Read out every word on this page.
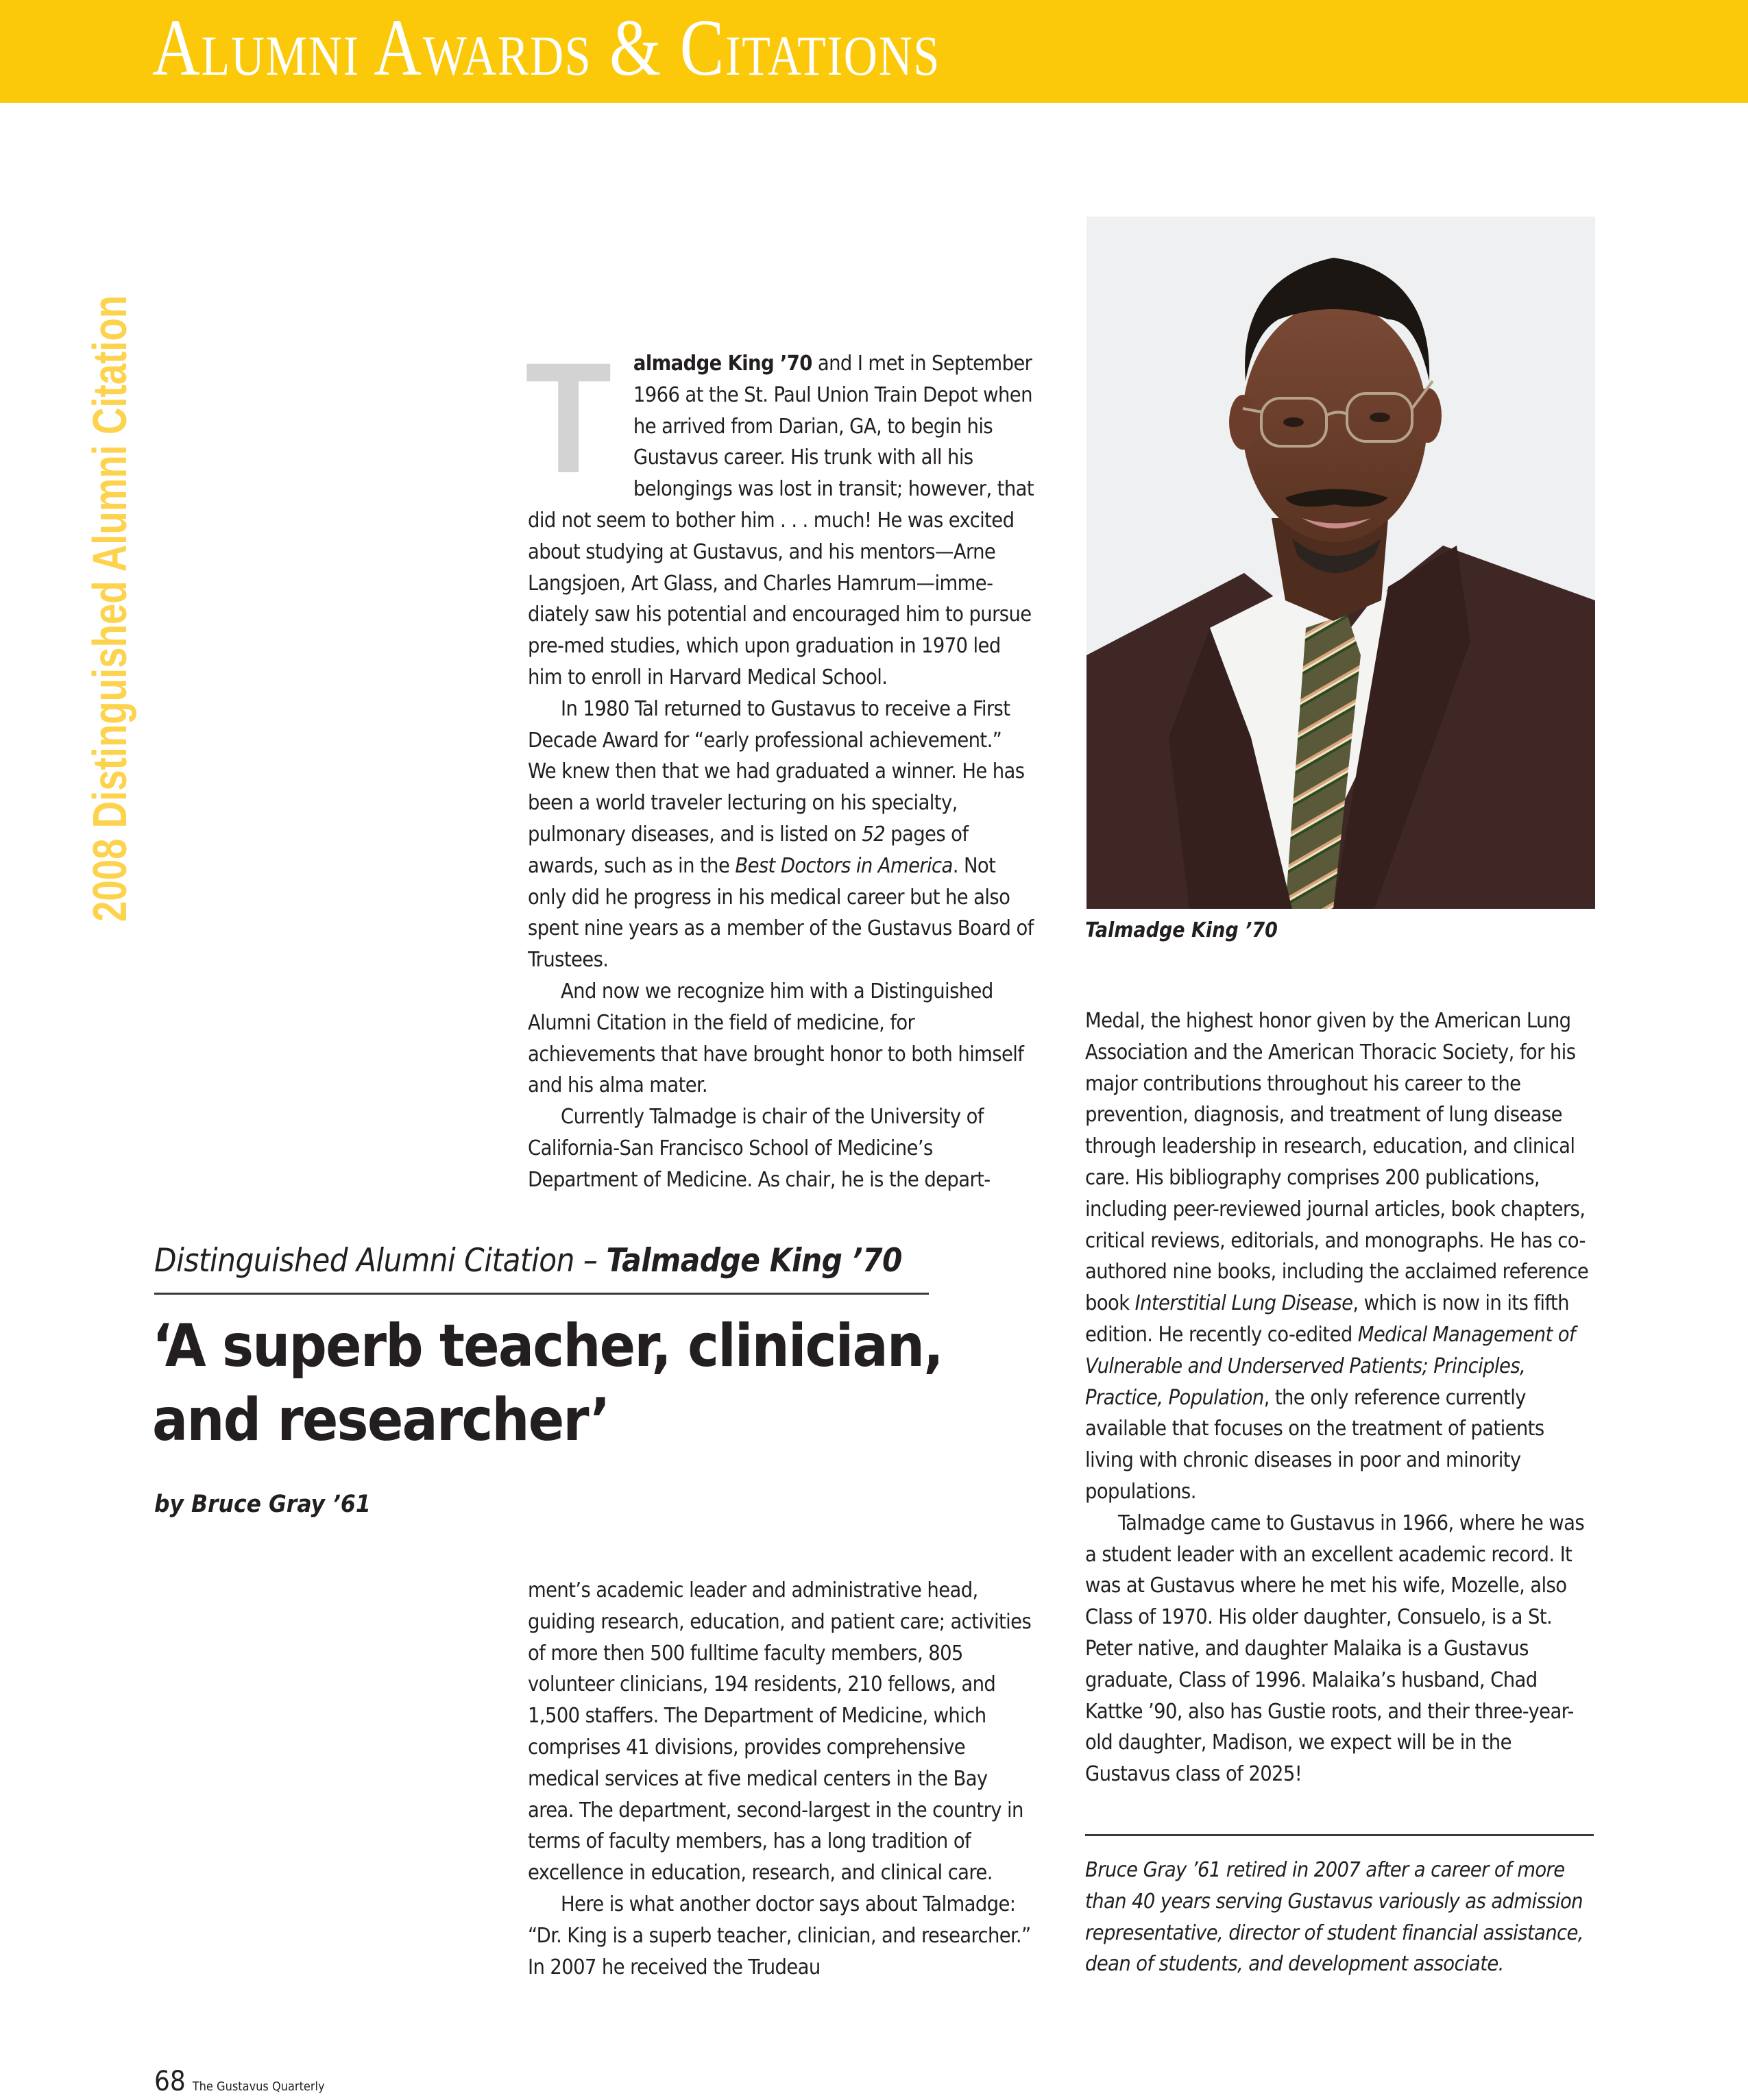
Alumni Awards & Citations
2008 Distinguished Alumni Citation T almadge King ’70 and I met in September 1966 at the St. Paul Union Train Depot when he arrived from Darian, GA, to begin his Gustavus career. His trunk with all his belongings was lost in transit; however, that did not seem to bother him . . . much! He was excited about studying at Gustavus, and his mentors—Arne Langsjoen, Art Glass, and Charles Hamrum—immediately saw his potential and encouraged him to pursue pre-med studies, which upon graduation in 1970 led him to enroll in Harvard Medical School.

In 1980 Tal returned to Gustavus to receive a First Decade Award for “early professional achievement.” We knew then that we had graduated a winner. He has been a world traveler lecturing on his specialty, pulmonary diseases, and is listed on 52 pages of awards, such as in the Best Doctors in America. Not only did he progress in his medical career but he also spent nine years as a member of the Gustavus Board of Trustees.

And now we recognize him with a Distinguished Alumni Citation in the field of medicine, for achievements that have brought honor to both himself and his alma mater.

Currently Talmadge is chair of the University of California-San Francisco School of Medicine’s Department of Medicine. As chair, he is the depart-

Talmadge King ’70
Distinguished Alumni Citation – Talmadge King ’70
‘A superb teacher, clinician,
and researcher’
by Bruce Gray ’61

ment’s academic leader and administrative head, guiding research, education, and patient care; activities of more then 500 fulltime faculty members, 805 volunteer clinicians, 194 residents, 210 fellows, and 1,500 staffers. The Department of Medicine, which comprises 41 divisions, provides comprehensive medical services at five medical centers in the Bay area. The department, second-largest in the country in terms of faculty members, has a long tradition of excellence in education, research, and clinical care.

Here is what another doctor says about Talmadge: “Dr. King is a superb teacher, clinician, and researcher.” In 2007 he received the Trudeau

Medal, the highest honor given by the American Lung Association and the American Thoracic Society, for his major contributions throughout his career to the prevention, diagnosis, and treatment of lung disease through leadership in research, education, and clinical care. His bibliography comprises 200 publications, including peer-reviewed journal articles, book chapters, critical reviews, editorials, and monographs. He has co-authored nine books, including the acclaimed reference book Interstitial Lung Disease, which is now in its fifth edition. He recently co-edited Medical Management of Vulnerable and Underserved Patients; Principles, Practice, Population, the only reference currently available that focuses on the treatment of patients living with chronic diseases in poor and minority populations.

Talmadge came to Gustavus in 1966, where he was a student leader with an excellent academic record. It was at Gustavus where he met his wife, Mozelle, also Class of 1970. His older daughter, Consuelo, is a St. Peter native, and daughter Malaika is a Gustavus graduate, Class of 1996. Malaika’s husband, Chad Kattke ’90, also has Gustie roots, and their three-year-old daughter, Madison, we expect will be in the Gustavus class of 2025!

Bruce Gray ’61 retired in 2007 after a career of more than 40 years serving Gustavus variously as admission representative, director of student financial assistance, dean of students, and development associate.
68 The Gustavus Quarterly
